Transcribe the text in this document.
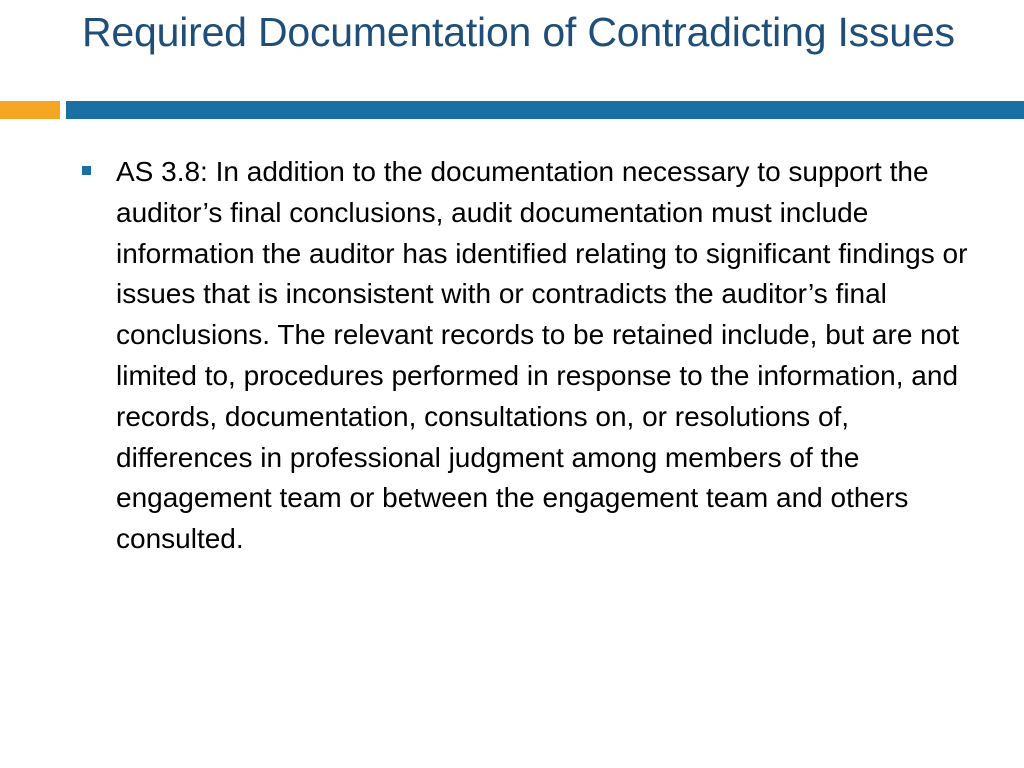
Required Documentation of Contradicting Issues
AS 3.8: In addition to the documentation necessary to support the auditor’s final conclusions, audit documentation must include information the auditor has identified relating to significant findings or issues that is inconsistent with or contradicts the auditor’s final conclusions. The relevant records to be retained include, but are not limited to, procedures performed in response to the information, and records, documentation, consultations on, or resolutions of, differences in professional judgment among members of the engagement team or between the engagement team and others consulted.
